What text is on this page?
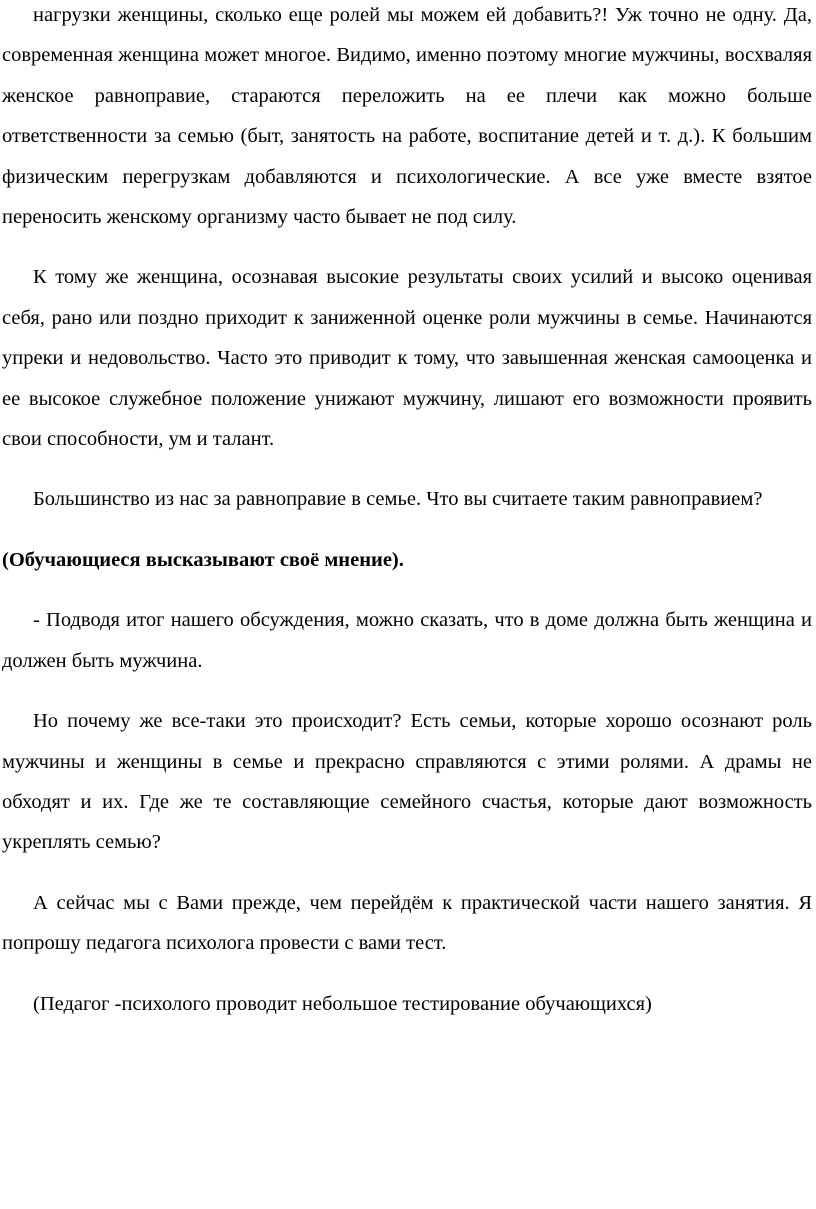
нагрузки женщины, сколько еще ролей мы можем ей добавить?! Уж точно не одну. Да, современная женщина может многое. Видимо, именно поэтому многие мужчины, восхваляя женское равноправие, стараются переложить на ее плечи как можно больше ответственности за семью (быт, занятость на работе, воспитание детей и т. д.). К большим физическим перегрузкам добавляются и психологические. А все уже вместе взятое переносить женскому организму часто бывает не под силу.

К тому же женщина, осознавая высокие результаты своих усилий и высоко оценивая себя, рано или поздно приходит к заниженной оценке роли мужчины в семье. Начинаются упреки и недовольство. Часто это приводит к тому, что завышенная женская самооценка и ее высокое служебное положение унижают мужчину, лишают его возможности проявить свои способности, ум и талант.

Большинство из нас за равноправие в семье. Что вы считаете таким равноправием?

(Обучающиеся высказывают своё мнение).

- Подводя итог нашего обсуждения, можно сказать, что в доме должна быть женщина и должен быть мужчина.

Но почему же все-таки это происходит? Есть семьи, которые хорошо осознают роль мужчины и женщины в семье и прекрасно справляются с этими ролями. А драмы не обходят и их. Где же те составляющие семейного счастья, которые дают возможность укреплять семью?

А сейчас мы с Вами прежде, чем перейдём к практической части нашего занятия. Я попрошу педагога психолога провести с вами тест.

(Педагог -психолого проводит небольшое тестирование обучающихся)
